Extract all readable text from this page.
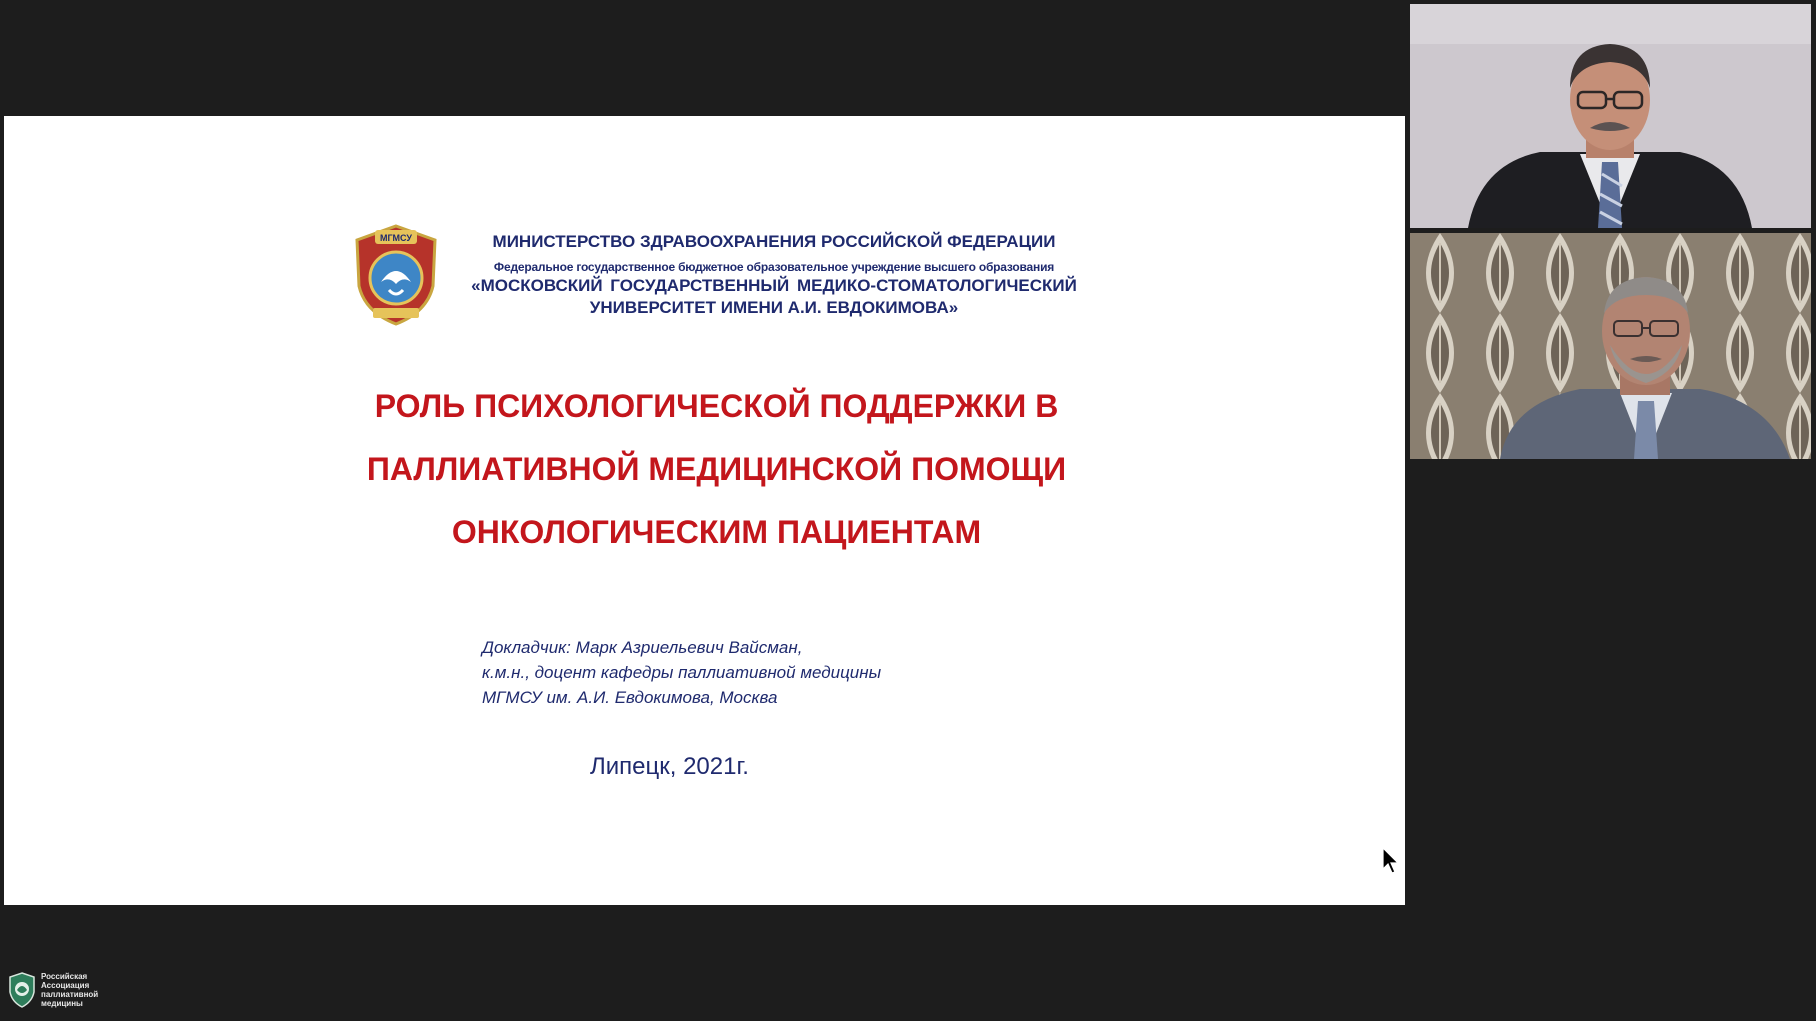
МГМСУ	МИНИСТЕРСТВО ЗДРАВООХРАНЕНИЯ РОССИЙСКОЙ ФЕДЕРАЦИИ
Федеральное государственное бюджетное образовательное учреждение высшего образования
«МОСКОВСКИЙ ГОСУДАРСТВЕННЫЙ МЕДИКО-СТОМАТОЛОГИЧЕСКИЙ
УНИВЕРСИТЕТ ИМЕНИ А.И. ЕВДОКИМОВА»
РОЛЬ ПСИХОЛОГИЧЕСКОЙ ПОДДЕРЖКИ В
ПАЛЛИАТИВНОЙ МЕДИЦИНСКОЙ ПОМОЩИ
ОНКОЛОГИЧЕСКИМ ПАЦИЕНТАМ
Докладчик: Марк Азриельевич Вайсман,
к.м.н., доцент кафедры паллиативной медицины
МГМСУ им. А.И. Евдокимова, Москва
Липецк, 2021г.
Российская
Ассоциация
паллиативной
медицины
